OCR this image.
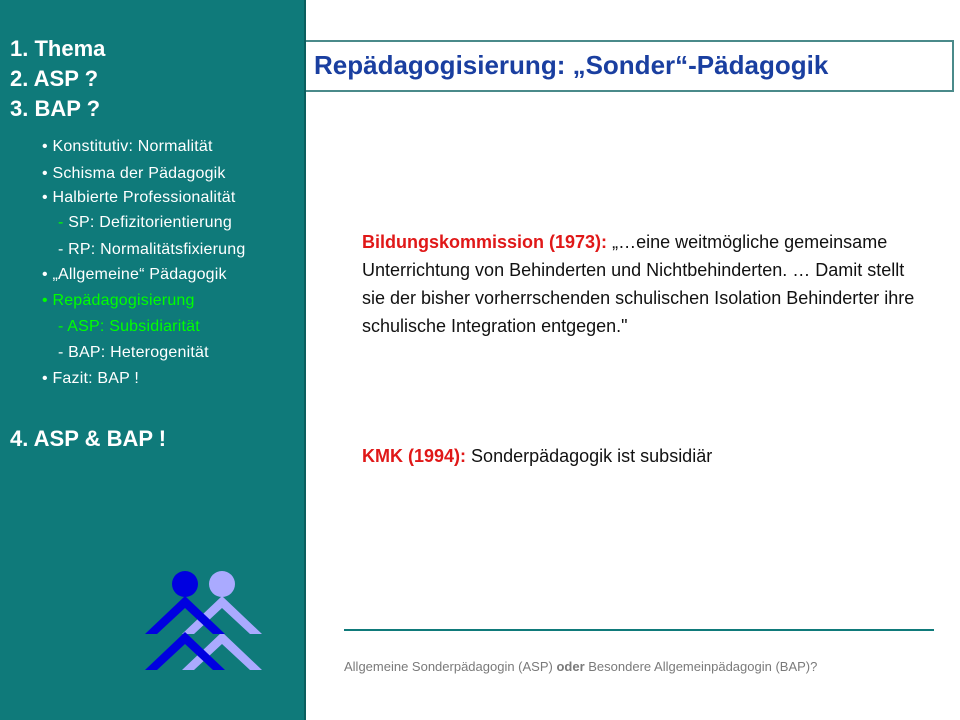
1. Thema
2. ASP ?
3. BAP ?
• Konstitutiv: Normalität
• Schisma der Pädagogik
• Halbierte Professionalität
- SP: Defizitorientierung
- RP: Normalitätsfixierung
• „Allgemeine“ Pädagogik
• Repädagogisierung
- ASP: Subsidiarität
- BAP: Heterogenität
• Fazit: BAP !
4. ASP & BAP !
Repädagogisierung: „Sonder“-Pädagogik
Bildungskommission (1973): „…eine weitmögliche gemeinsame Unterrichtung von Behinderten und Nichtbehinderten. … Damit stellt sie der bisher vorherrschenden schulischen Isolation Behinderter ihre schulische Integration entgegen."
KMK (1994): Sonderpädagogik ist subsidiär
Allgemeine Sonderpädagogin (ASP) oder Besondere Allgemeinpädagogin (BAP)?
